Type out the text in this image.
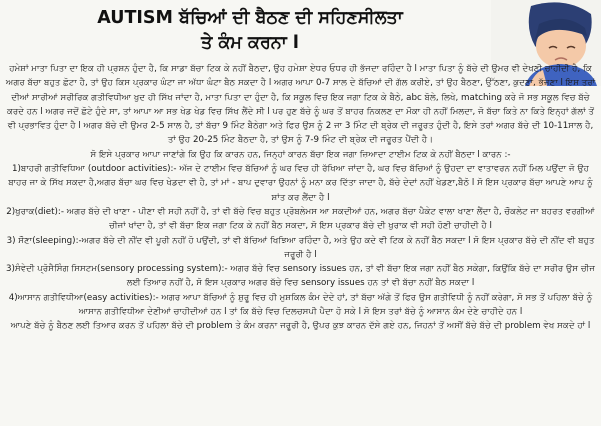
AUTISM ਬੱਚਿਆਂ ਦੀ ਬੈਠਣ ਦੀ ਸਹਿਣਸੀਲਤਾ
ਤੇ ਕੰਮ ਕਰਨਾ l

ਹਮੇਸ਼ਾਂ ਮਾਤਾ ਪਿਤਾ ਦਾ ਇਕ ਹੀ ਪ੍ਰਸ਼ਨ ਹੁੰਦਾ ਹੈ, ਕਿ ਸਾਡਾ ਬੱਚਾ ਟਿਕ ਕੇ ਨਹੀਂ ਬੈਠਦਾ, ਉਹ ਹਮੇਸ਼ਾ ਏਧਰ ਓਧਰ ਹੀ ਭੱਜਦਾ ਰਹਿੰਦਾ ਹੈ l ਮਾਤਾ ਪਿਤਾ ਨੂੰ ਬੱਚੇ ਦੀ ਉਮਰ ਵੀ ਦੇਖਣੀ ਚਾਹੀਦੀ ਹੈ, ਕਿ ਅਗਰ ਬੱਚਾ ਬਹੁਤ ਛੋਟਾ ਹੈ, ਤਾਂ ਉਹ ਕਿਸ ਪ੍ਰਕਾਰ ਘੰਟਾ ਜਾ ਅੱਧਾ ਘੰਟਾ ਬੈਠ ਸਕਦਾ ਹੈ l ਅਗਰ ਆਪਾ 0-7 ਸਾਲ ਦੇ ਬੱਚਿਆਂ ਦੀ ਗੱਲ ਕਰੀਏ, ਤਾਂ ਉਹ ਬੈਠਣਾ, ਉੱਠਣਾ, ਕੁਦਣਾ, ਭੱਜਣਾ l ਇਸ ਤਰਾਂ ਦੀਆਂ ਸਾਰੀਆਂ ਸਰੀਰਿਕ ਗਤੀਵਿਧੀਆ ਖੁਦ ਹੀ ਸਿੱਖ ਜਾਂਦਾ ਹੈ, ਮਾਤਾ ਪਿਤਾ ਦਾ ਹੁੰਦਾ ਹੈ, ਕਿ ਸਕੂਲ ਵਿਚ ਇਕ ਜਗਾ ਟਿਕ ਕੇ ਬੈਠੇ, abc ਬੋਲੇ, ਲਿਖੇ, matching ਕਰੇ ਜੋ ਸਭ ਸਕੂਲ ਵਿਚ ਬੱਚੇ ਕਰਦੇ ਹਨ l ਅਗਰ ਜਦੋਂ ਛੋਟੇ ਹੁੰਦੇ ਸਾ, ਤਾਂ ਆਪਾ ਆ ਸਭ ਖੇਡ ਖੇਡ ਵਿਚ ਸਿੱਖ ਲੈਂਦੇ ਸੀ l ਪਰ ਹੁਣ ਬੱਚੇ ਨੂੰ ਘਰ ਤੋਂ ਬਾਹਰ ਨਿਕਲਣ ਦਾ ਮੌਕਾ ਹੀ ਨਹੀਂ ਮਿਲਦਾ, ਜੋ ਬੱਚਾ ਕਿਤੇ ਨਾ ਕਿਤੇ ਇਨ੍ਹਾਂ ਗੱਲਾਂ ਤੋਂ ਵੀ ਪ੍ਰਭਾਵਿਤ ਹੁੰਦਾ ਹੈ l ਅਗਰ ਬੱਚੇ ਦੀ ਉਮਰ 2-5 ਸਾਲ ਹੈ, ਤਾਂ ਬੱਚਾ 9 ਮਿੰਟ ਬੈਠੇਗਾ ਅਤੇ ਫਿਰ ਉਸ ਨੂੰ 2 ਜਾ 3 ਮਿੰਟ ਦੀ ਬ੍ਰੇਕ ਦੀ ਜਰੂਰਤ ਹੁੰਦੀ ਹੈ, ਇਸੇ ਤਰਾਂ ਅਗਰ ਬੱਚੇ ਦੀ 10-11ਸਾਲ ਹੈ, ਤਾਂ ਉਹ 20-25 ਮਿੰਟ ਬੈਠਦਾ ਹੈ, ਤਾਂ ਉਸ ਨੂੰ 7-9 ਮਿੰਟ ਦੀ ਬ੍ਰੇਕ ਦੀ ਜਰੂਰਤ ਪੈਂਦੀ ਹੈ।

ਸੋ ਇਸੇ ਪ੍ਰਕਾਰ ਆਪਾ ਜਾਣਾਂਗੇ ਕਿ ਉਹ ਕਿ ਕਾਰਨ ਹਨ, ਜਿਨ੍ਹਾਂ ਕਾਰਨ ਬੱਚਾ ਇਕ ਜਗਾ ਜ਼ਿਆਦਾ ਟਾਈਮ ਟਿਕ ਕੇ ਨਹੀਂ ਬੈਠਦਾ l ਕਾਰਨ :-

1)ਬਾਹਰੀ ਗਤੀਵਿਧਿਆ (outdoor activities):- ਅੱਜ ਦੇ ਟਾਈਮ ਵਿਚ ਬੱਚਿਆਂ ਨੂੰ ਘਰ ਵਿਚ ਹੀ ਰੱਖਿਆ ਜਾਂਦਾ ਹੈ, ਘਰ ਵਿਚ ਬੱਚਿਆਂ ਨੂੰ ਉਹਦਾ ਦਾ ਵਾਤਾਵਰਨ ਨਹੀਂ ਮਿਲ ਪਉਂਦਾ ਜੋ ਉਹ ਬਾਹਰ ਜਾ ਕੇ ਸਿੱਖ ਸਕਦਾ ਹੈ,ਅਗਰ ਬੱਚਾ ਘਰ ਵਿਚ ਖੇਡਦਾ ਵੀ ਹੈ, ਤਾਂ ਮਾਂ - ਬਾਪ ਦੁਵਾਰਾ ਉਹਨਾਂ ਨੂੰ ਮਨਾ ਕਰ ਦਿੱਤਾ ਜਾਦਾ ਹੈ, ਬੱਚੇ ਦੇਦਾਂ ਨਹੀਂ ਖੇਡਣਾ,ਬੈਠੋ l ਸੋ ਇਸ ਪ੍ਰਕਾਰ ਬੱਚਾ ਆਪਣੇ ਆਪ ਨੂੰ ਸ਼ਾਂਤ ਕਰ ਲੈਂਦਾ ਹੈ l

2)ਖੁਰਾਕ(diet):- ਅਗਰ ਬੱਚੇ ਦੀ ਖਾਣਾ - ਪੀਣਾ ਵੀ ਸਹੀ ਨਹੀਂ ਹੈ, ਤਾਂ ਵੀ ਬੱਚੇ ਵਿਚ ਬਹੁਤ ਪ੍ਰੋਬਲੇਮਸ ਆ ਸਕਦੀਆਂ ਹਨ, ਅਗਰ ਬੱਚਾ ਪੈਕੇਟ ਵਾਲਾ ਖਾਣਾ ਲੈਂਦਾ ਹੈ, ਚੌਕਲੇਟ ਜਾ ਬਹਰਤ ਵਰਗੀਆਂ ਚੀਜਾਂ ਖਾਂਦਾ ਹੈ, ਤਾਂ ਵੀ ਬੱਚਾ ਇਕ ਜਗਾ ਟਿਕ ਕੇ ਨਹੀਂ ਬੈਠ ਸਕਦਾ, ਸੋ ਇਸ ਪ੍ਰਕਾਰ ਬੱਚੇ ਦੀ ਖੁਰਾਕ ਵੀ ਸਹੀ ਹੋਣੀ ਚਾਹੀਦੀ ਹੈ l

3) ਸੌਣਾ(sleeping):-ਅਗਰ ਬੱਚੇ ਦੀ ਨੀਂਦ ਵੀ ਪੂਰੀ ਨਹੀਂ ਹੋ ਪਉਂਦੀ, ਤਾਂ ਵੀ ਬੱਚਿਆਂ ਖਿਝਿਆ ਰਹਿੰਦਾ ਹੈ, ਅਤੇ ਉਹ ਕਦੇ ਵੀ ਟਿਕ ਕੇ ਨਹੀਂ ਬੈਠ ਸਕਦਾ l ਸੋ ਇਸ ਪ੍ਰਕਾਰ ਬੱਚੇ ਦੀ ਨੀਂਦ ਵੀ ਬਹੁਤ ਜਰੂਰੀ ਹੈ l

3)ਸੰਵੇਦੀ ਪ੍ਰੋਸੈਸਿੰਗ ਸਿਸਟਮ(sensory processing system):- ਅਗਰ ਬੱਚੇ ਵਿਚ sensory issues ਹਨ, ਤਾਂ ਵੀ ਬੱਚਾ ਇਕ ਜਗਾ ਨਹੀਂ ਬੈਠ ਸਕੇਗਾ, ਕਿਉਂਕਿ ਬੱਚੇ ਦਾ ਸਰੀਰ ਉਸ ਚੀਜ ਲਈ ਤਿਆਰ ਨਹੀਂ ਹੈ, ਸੋ ਇਸ ਪ੍ਰਕਾਰ ਅਗਰ ਬੱਚੇ ਵਿਚ sensory issues ਹਨ ਤਾਂ ਵੀ ਬੱਚਾ ਨਹੀਂ ਬੈਠ ਸਕਦਾ l

4)ਆਸਾਨ ਗਤੀਵਿਧੀਆ(easy activities):- ਅਗਰ ਆਪਾ ਬੱਚਿਆਂ ਨੂੰ ਸ਼ੁਰੂ ਵਿਚ ਹੀ ਮੁਸ਼ਕਿਲ ਕੰਮ ਦੇਦੇ ਹਾਂ, ਤਾਂ ਬੱਚਾ ਅੱਗੇ ਤੋਂ ਫਿਰ ਉਸ ਗਤੀਵਿਧੀ ਨੂੰ ਨਹੀਂ ਕਰੇਗਾ, ਸੋ ਸਭ ਤੋਂ ਪਹਿਲਾ ਬੱਚੇ ਨੂੰ ਆਸਾਨ ਗਤੀਵਿਧੀਆ ਦੇਣੀਆਂ ਚਾਹੀਦੀਆਂ ਹਨ l ਤਾਂ ਕਿ ਬੱਚੇ ਵਿਚ ਦਿਲਚਸਪੀ ਪੈਦਾ ਹੋ ਸਕੇ l ਸੋ ਇਸ ਤਰਾਂ ਬੱਚੇ ਨੂੰ ਆਸਾਨ ਕੰਮ ਦੇਣੇ ਚਾਹੀਦੇ ਹਨ l

ਆਪਣੇ ਬੱਚੇ ਨੂੰ ਬੈਠਣ ਲਈ ਤਿਆਰ ਕਰਨ ਤੋਂ ਪਹਿਲਾ ਬੱਚੇ ਦੀ problem ਤੇ ਕੰਮ ਕਰਨਾ ਜਰੂਰੀ ਹੈ, ਉਪਰ ਕੁਝ ਕਾਰਨ ਦੱਸੇ ਗਏ ਹਨ, ਜਿਹਨਾਂ ਤੋਂ ਅਸੀਂ ਬੱਚੇ ਬੱਚੇ ਦੀ problem ਵੇਖ ਸਕਦੇ ਹਾਂ l
